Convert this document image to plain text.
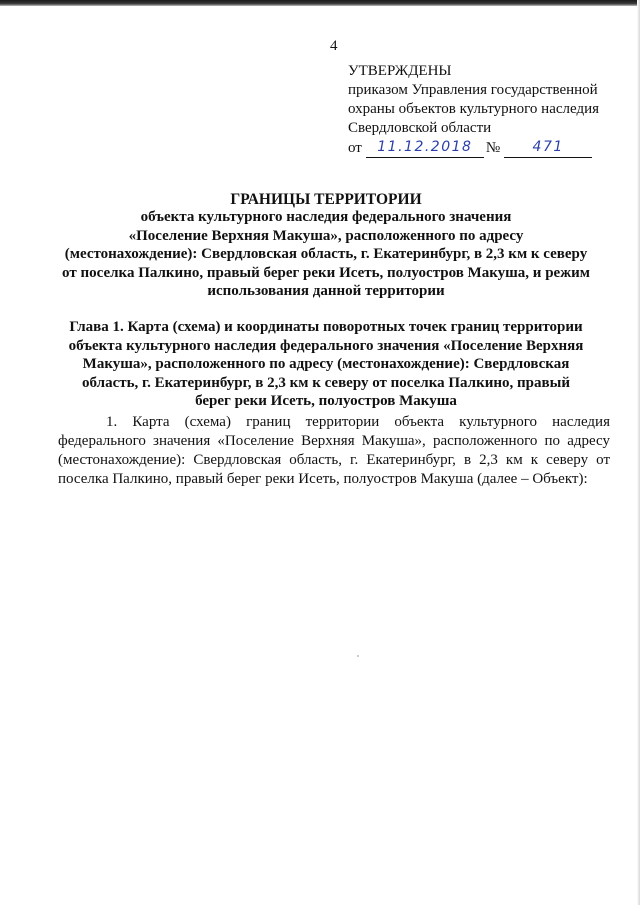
4
УТВЕРЖДЕНЫ
приказом Управления государственной
охраны объектов культурного наследия
Свердловской области
от	11.12.2018 №	471
ГРАНИЦЫ ТЕРРИТОРИИ
объекта культурного наследия федерального значения
«Поселение Верхняя Макуша», расположенного по адресу
(местонахождение): Свердловская область, г. Екатеринбург, в 2,3 км к северу
от поселка Палкино, правый берег реки Исеть, полуостров Макуша, и режим
использования данной территории
Глава 1. Карта (схема) и координаты поворотных точек границ территории
объекта культурного наследия федерального значения «Поселение Верхняя
Макуша», расположенного по адресу (местонахождение): Свердловская
область, г. Екатеринбург, в 2,3 км к северу от поселка Палкино, правый
берег реки Исеть, полуостров Макуша
1. Карта (схема) границ территории объекта культурного наследия федерального значения «Поселение Верхняя Макуша», расположенного по адресу (местонахождение): Свердловская область, г. Екатеринбург, в 2,3 км к северу от поселка Палкино, правый берег реки Исеть, полуостров Макуша (далее – Объект):
